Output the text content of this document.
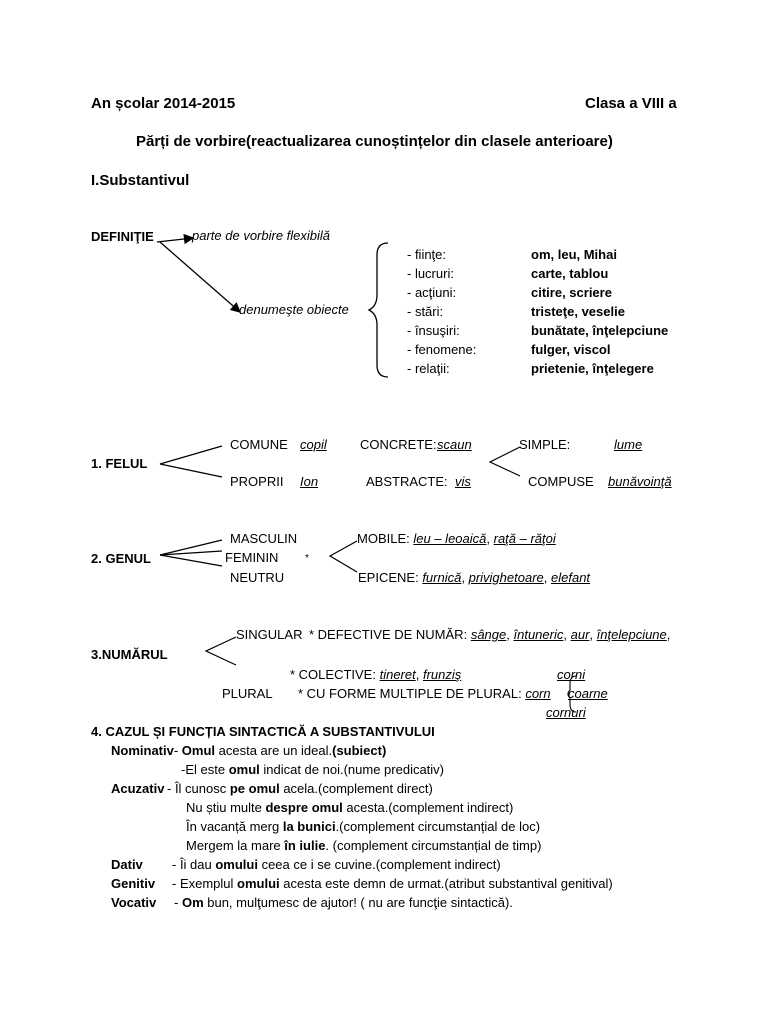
An școlar 2014-2015	Clasa a VIII a
Părți de vorbire(reactualizarea cunoștințelor din clasele anterioare)
I.Substantivul
DEFINIŢIE	parte de vorbire flexibilă
denumeşte obiecte
- fiinţe:	om, leu, Mihai
- lucruri:	carte, tablou
- acţiuni:	citire, scriere
- stări:	tristeţe, veselie
- însuşiri:	bunătate, înţelepciune
- fenomene:	fulger, viscol
- relaţii:	prietenie, înţelegere
1. FELUL
COMUNE copil
PROPRII Ion
CONCRETE: scaun
ABSTRACTE: vis
SIMPLE:	lume
COMPUSE bunăvoinţă
2. GENUL
MASCULIN
FEMININ	*
NEUTRU
MOBILE: leu – leoaică, raţă – răţoi
EPICENE: furnică, privighetoare, elefant
3.NUMĂRUL
SINGULAR * DEFECTIVE DE NUMĂR: sânge, întuneric, aur, înţelepciune,
* COLECTIVE: tineret, frunziş
PLURAL * CU FORME MULTIPLE DE PLURAL: corn
corni
coarne
cornuri
4. CAZUL ȘI FUNCȚIA SINTACTICĂ A SUBSTANTIVULUI
Nominativ- Omul acesta are un ideal.(subiect)
-El este omul indicat de noi.(nume predicativ)
Acuzativ - Îl cunosc pe omul acela.(complement direct)
Nu știu multe despre omul acesta.(complement indirect)
În vacanță merg la bunici.(complement circumstanțial de loc)
Mergem la mare în iulie. (complement circumstanțial de timp)
Dativ - Îi dau omului ceea ce i se cuvine.(complement indirect)
Genitiv - Exemplul omului acesta este demn de urmat.(atribut substantival genitival)
Vocativ - Om bun, mulţumesc de ajutor! ( nu are funcţie sintactică).
